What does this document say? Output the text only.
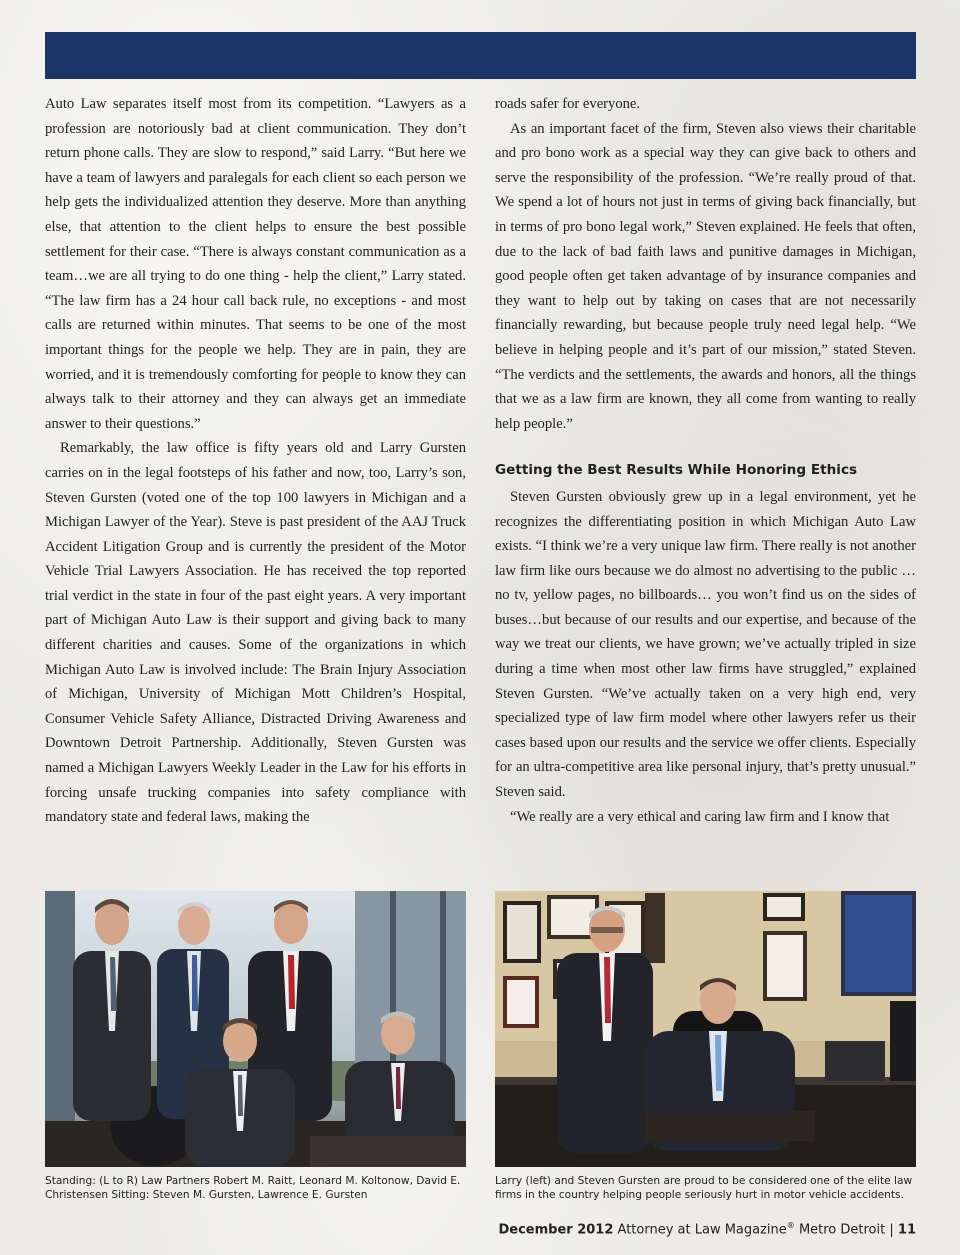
Auto Law separates itself most from its competition. “Lawyers as a profession are notoriously bad at client communication. They don’t return phone calls. They are slow to respond,” said Larry. “But here we have a team of lawyers and paralegals for each client so each person we help gets the individualized attention they deserve. More than anything else, that attention to the client helps to ensure the best possible settlement for their case. “There is always constant communication as a team…we are all trying to do one thing - help the client,” Larry stated. “The law firm has a 24 hour call back rule, no exceptions - and most calls are returned within minutes. That seems to be one of the most important things for the people we help. They are in pain, they are worried, and it is tremendously comforting for people to know they can always talk to their attorney and they can always get an immediate answer to their questions.”

Remarkably, the law office is fifty years old and Larry Gursten carries on in the legal footsteps of his father and now, too, Larry’s son, Steven Gursten (voted one of the top 100 lawyers in Michigan and a Michigan Lawyer of the Year). Steve is past president of the AAJ Truck Accident Litigation Group and is currently the president of the Motor Vehicle Trial Lawyers Association. He has received the top reported trial verdict in the state in four of the past eight years. A very important part of Michigan Auto Law is their support and giving back to many different charities and causes. Some of the organizations in which Michigan Auto Law is involved include: The Brain Injury Association of Michigan, University of Michigan Mott Children’s Hospital, Consumer Vehicle Safety Alliance, Distracted Driving Awareness and Downtown Detroit Partnership. Additionally, Steven Gursten was named a Michigan Lawyers Weekly Leader in the Law for his efforts in forcing unsafe trucking companies into safety compliance with mandatory state and federal laws, making the

roads safer for everyone.

As an important facet of the firm, Steven also views their charitable and pro bono work as a special way they can give back to others and serve the responsibility of the profession. “We’re really proud of that. We spend a lot of hours not just in terms of giving back financially, but in terms of pro bono legal work,” Steven explained. He feels that often, due to the lack of bad faith laws and punitive damages in Michigan, good people often get taken advantage of by insurance companies and they want to help out by taking on cases that are not necessarily financially rewarding, but because people truly need legal help. “We believe in helping people and it’s part of our mission,” stated Steven. “The verdicts and the settlements, the awards and honors, all the things that we as a law firm are known, they all come from wanting to really help people.”

Getting the Best Results While Honoring Ethics

Steven Gursten obviously grew up in a legal environment, yet he recognizes the differentiating position in which Michigan Auto Law exists. “I think we’re a very unique law firm. There really is not another law firm like ours because we do almost no advertising to the public …no tv, yellow pages, no billboards… you won’t find us on the sides of buses…but because of our results and our expertise, and because of the way we treat our clients, we have grown; we’ve actually tripled in size during a time when most other law firms have struggled,” explained Steven Gursten. “We’ve actually taken on a very high end, very specialized type of law firm model where other lawyers refer us their cases based upon our results and the service we offer clients. Especially for an ultra-competitive area like personal injury, that’s pretty unusual.” Steven said.

“We really are a very ethical and caring law firm and I know that

Standing: (L to R) Law Partners Robert M. Raitt, Leonard M. Koltonow, David E. Christensen Sitting: Steven M. Gursten, Lawrence E. Gursten
Larry (left) and Steven Gursten are proud to be considered one of the elite law firms in the country helping people seriously hurt in motor vehicle accidents.
December 2012 Attorney at Law Magazine® Metro Detroit | 11
